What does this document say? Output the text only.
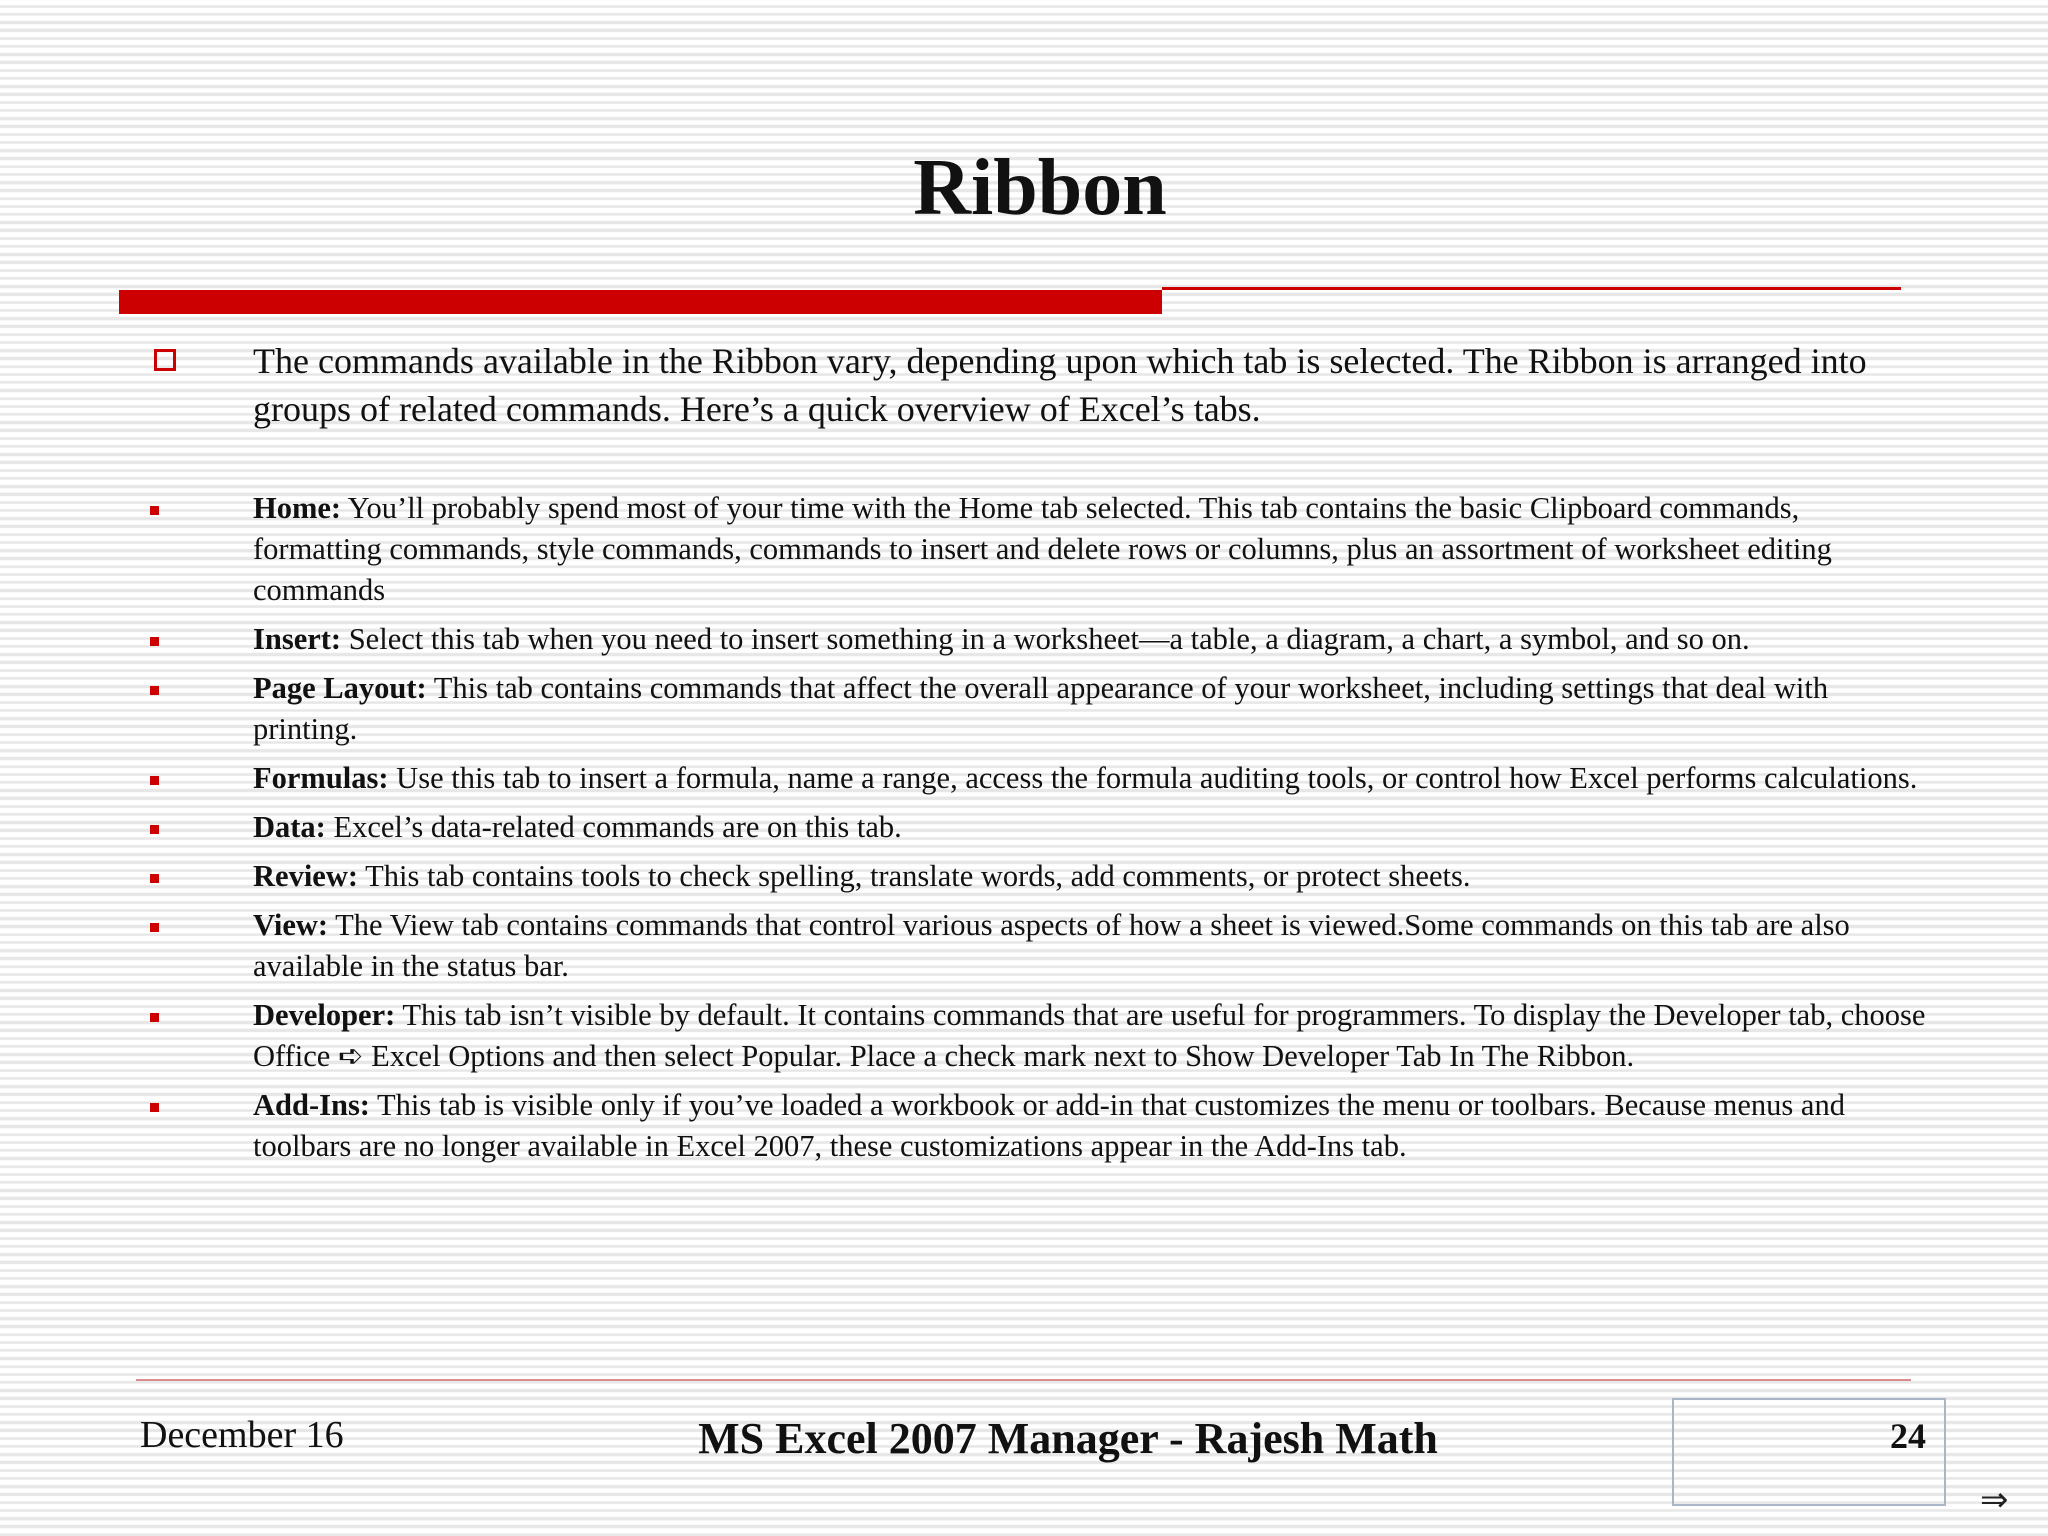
Ribbon
The commands available in the Ribbon vary, depending upon which tab is selected. The Ribbon is arranged into groups of related commands. Here’s a quick overview of Excel’s tabs.
Home: You’ll probably spend most of your time with the Home tab selected. This tab contains the basic Clipboard commands, formatting commands, style commands, commands to insert and delete rows or columns, plus an assortment of worksheet editing commands
Insert: Select this tab when you need to insert something in a worksheet—a table, a diagram, a chart, a symbol, and so on.
Page Layout: This tab contains commands that affect the overall appearance of your worksheet, including settings that deal with printing.
Formulas: Use this tab to insert a formula, name a range, access the formula auditing tools, or control how Excel performs calculations.
Data: Excel’s data-related commands are on this tab.
Review: This tab contains tools to check spelling, translate words, add comments, or protect sheets.
View: The View tab contains commands that control various aspects of how a sheet is viewed.Some commands on this tab are also available in the status bar.
Developer: This tab isn’t visible by default. It contains commands that are useful for programmers. To display the Developer tab, choose Office ➪ Excel Options and then select Popular. Place a check mark next to Show Developer Tab In The Ribbon.
Add-Ins: This tab is visible only if you’ve loaded a workbook or add-in that customizes the menu or toolbars. Because menus and toolbars are no longer available in Excel 2007, these customizations appear in the Add-Ins tab.
December 16	MS Excel 2007 Manager - Rajesh Math	24
⇒
